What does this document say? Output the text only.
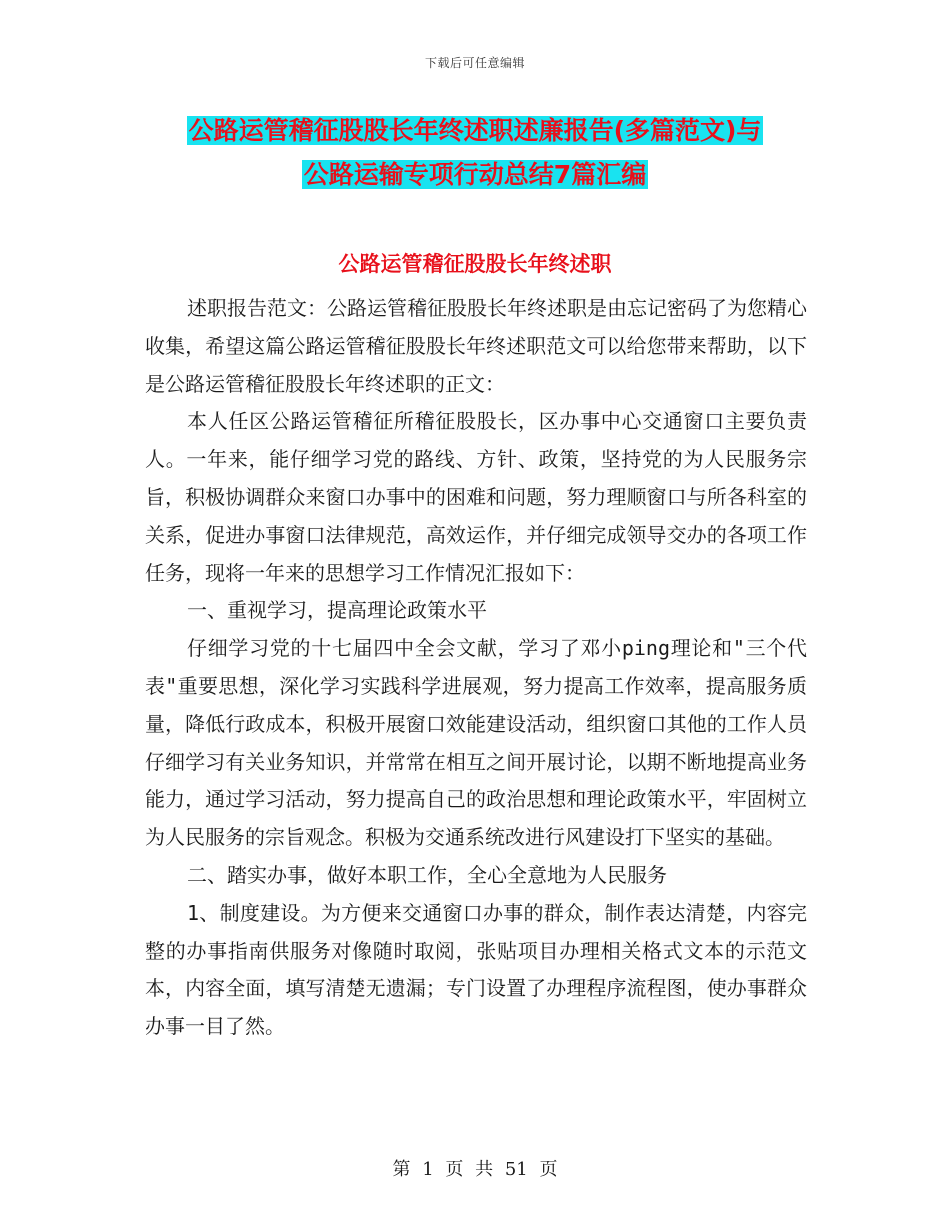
下载后可任意编辑
公路运管稽征股股长年终述职述廉报告(多篇范文)与
公路运输专项行动总结7篇汇编
公路运管稽征股股长年终述职

述职报告范文：公路运管稽征股股长年终述职是由忘记密码了为您精心收集，希望这篇公路运管稽征股股长年终述职范文可以给您带来帮助，以下是公路运管稽征股股长年终述职的正文：

本人任区公路运管稽征所稽征股股长，区办事中心交通窗口主要负责人。一年来，能仔细学习党的路线、方针、政策，坚持党的为人民服务宗旨，积极协调群众来窗口办事中的困难和问题，努力理顺窗口与所各科室的关系，促进办事窗口法律规范，高效运作，并仔细完成领导交办的各项工作任务，现将一年来的思想学习工作情况汇报如下：

一、重视学习，提高理论政策水平

仔细学习党的十七届四中全会文献，学习了邓小ping理论和"三个代表"重要思想，深化学习实践科学进展观，努力提高工作效率，提高服务质量，降低行政成本，积极开展窗口效能建设活动，组织窗口其他的工作人员仔细学习有关业务知识，并常常在相互之间开展讨论，以期不断地提高业务能力，通过学习活动，努力提高自己的政治思想和理论政策水平，牢固树立为人民服务的宗旨观念。积极为交通系统改进行风建设打下坚实的基础。

二、踏实办事，做好本职工作，全心全意地为人民服务

1、制度建设。为方便来交通窗口办事的群众，制作表达清楚，内容完整的办事指南供服务对像随时取阅，张贴项目办理相关格式文本的示范文本，内容全面，填写清楚无遗漏；专门设置了办理程序流程图，使办事群众办事一目了然。

第 1 页 共 51 页
